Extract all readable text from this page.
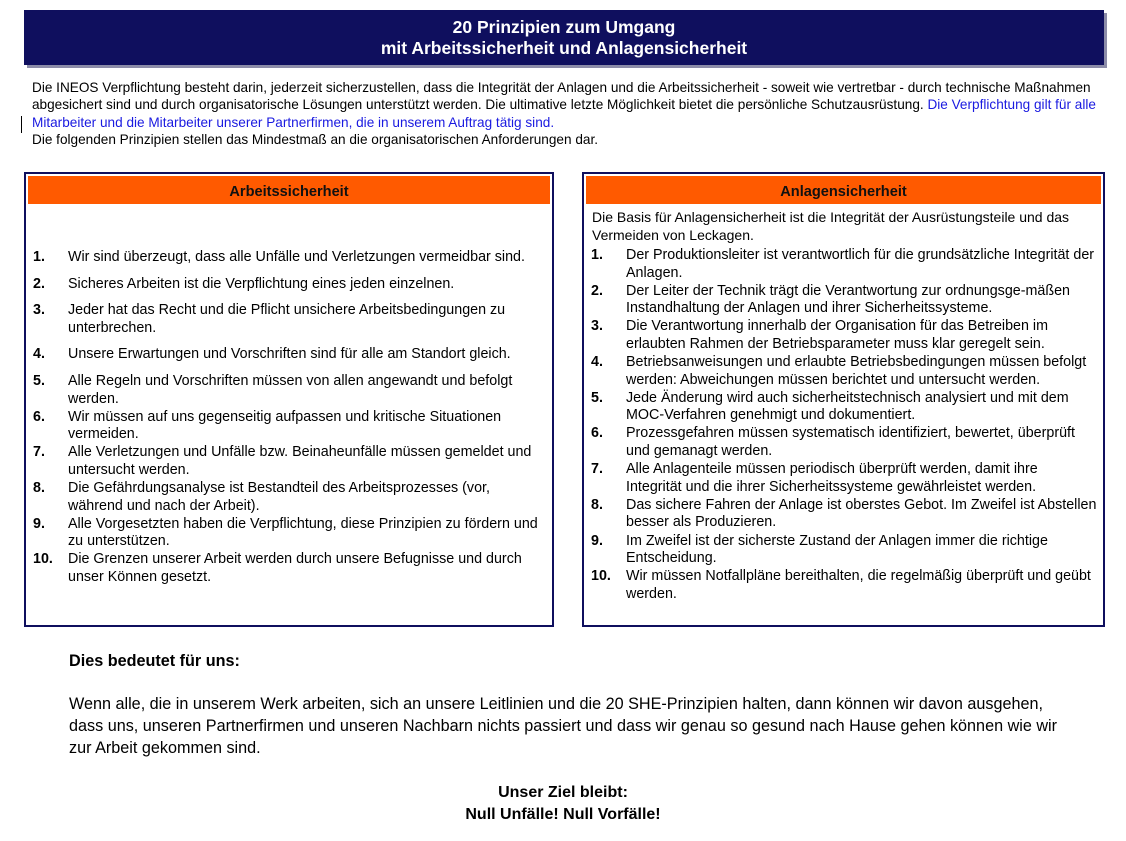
20 Prinzipien zum Umgang
mit Arbeitssicherheit und Anlagensicherheit

Die INEOS Verpflichtung besteht darin, jederzeit sicherzustellen, dass die Integrität der Anlagen und die Arbeitssicherheit - soweit wie vertretbar - durch technische Maßnahmen abgesichert sind und durch organisatorische Lösungen unterstützt werden. Die ultimative letzte Möglichkeit bietet die persönliche Schutzausrüstung. Die Verpflichtung gilt für alle Mitarbeiter und die Mitarbeiter unserer Partnerfirmen, die in unserem Auftrag tätig sind.

Die folgenden Prinzipien stellen das Mindestmaß an die organisatorischen Anforderungen dar.

Arbeitssicherheit
1. Wir sind überzeugt, dass alle Unfälle und Verletzungen vermeidbar sind.
2. Sicheres Arbeiten ist die Verpflichtung eines jeden einzelnen.
3. Jeder hat das Recht und die Pflicht unsichere Arbeitsbedingungen zu unterbrechen.
4. Unsere Erwartungen und Vorschriften sind für alle am Standort gleich.
5. Alle Regeln und Vorschriften müssen von allen angewandt und befolgt werden.
6. Wir müssen auf uns gegenseitig aufpassen und kritische Situationen vermeiden.
7. Alle Verletzungen und Unfälle bzw. Beinaheunfälle müssen gemeldet und untersucht werden.
8. Die Gefährdungsanalyse ist Bestandteil des Arbeitsprozesses (vor, während und nach der Arbeit).
9. Alle Vorgesetzten haben die Verpflichtung, diese Prinzipien zu fördern und zu unterstützen.
10. Die Grenzen unserer Arbeit werden durch unsere Befugnisse und durch unser Können gesetzt.
Anlagensicherheit
Die Basis für Anlagensicherheit ist die Integrität der Ausrüstungsteile und das Vermeiden von Leckagen.
1. Der Produktionsleiter ist verantwortlich für die grundsätzliche Integrität der Anlagen.
2. Der Leiter der Technik trägt die Verantwortung zur ordnungsge-mäßen Instandhaltung der Anlagen und ihrer Sicherheitssysteme.
3. Die Verantwortung innerhalb der Organisation für das Betreiben im erlaubten Rahmen der Betriebsparameter muss klar geregelt sein.
4. Betriebsanweisungen und erlaubte Betriebsbedingungen müssen befolgt werden: Abweichungen müssen berichtet und untersucht werden.
5. Jede Änderung wird auch sicherheitstechnisch analysiert und mit dem MOC-Verfahren genehmigt und dokumentiert.
6. Prozessgefahren müssen systematisch identifiziert, bewertet, überprüft und gemanagt werden.
7. Alle Anlagenteile müssen periodisch überprüft werden, damit ihre Integrität und die ihrer Sicherheitssysteme gewährleistet werden.
8. Das sichere Fahren der Anlage ist oberstes Gebot. Im Zweifel ist Abstellen besser als Produzieren.
9. Im Zweifel ist der sicherste Zustand der Anlagen immer die richtige Entscheidung.
10. Wir müssen Notfallpläne bereithalten, die regelmäßig überprüft und geübt werden.

Dies bedeutet für uns:

Wenn alle, die in unserem Werk arbeiten, sich an unsere Leitlinien und die 20 SHE-Prinzipien halten, dann können wir davon ausgehen, dass uns, unseren Partnerfirmen und unseren Nachbarn nichts passiert und dass wir genau so gesund nach Hause gehen können wie wir zur Arbeit gekommen sind.

Unser Ziel bleibt:
Null Unfälle! Null Vorfälle!
